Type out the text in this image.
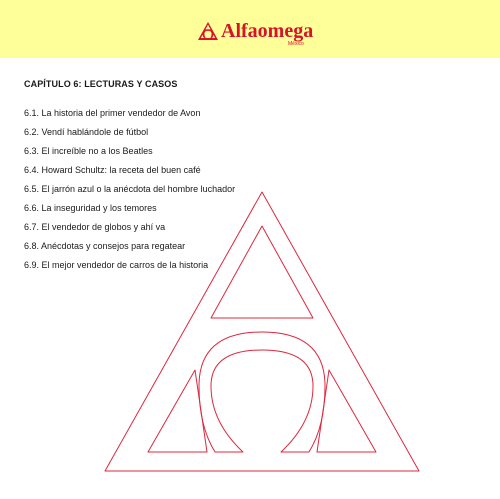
Alfaomega
México
CAPÍTULO 6: LECTURAS Y CASOS
6.1. La historia del primer vendedor de Avon
6.2. Vendí hablándole de fútbol
6.3. El increíble no a los Beatles
6.4. Howard Schultz: la receta del buen café
6.5. El jarrón azul o la anécdota del hombre luchador
6.6. La inseguridad y los temores
6.7. El vendedor de globos y ahí va
6.8. Anécdotas y consejos para regatear
6.9. El mejor vendedor de carros de la historia
